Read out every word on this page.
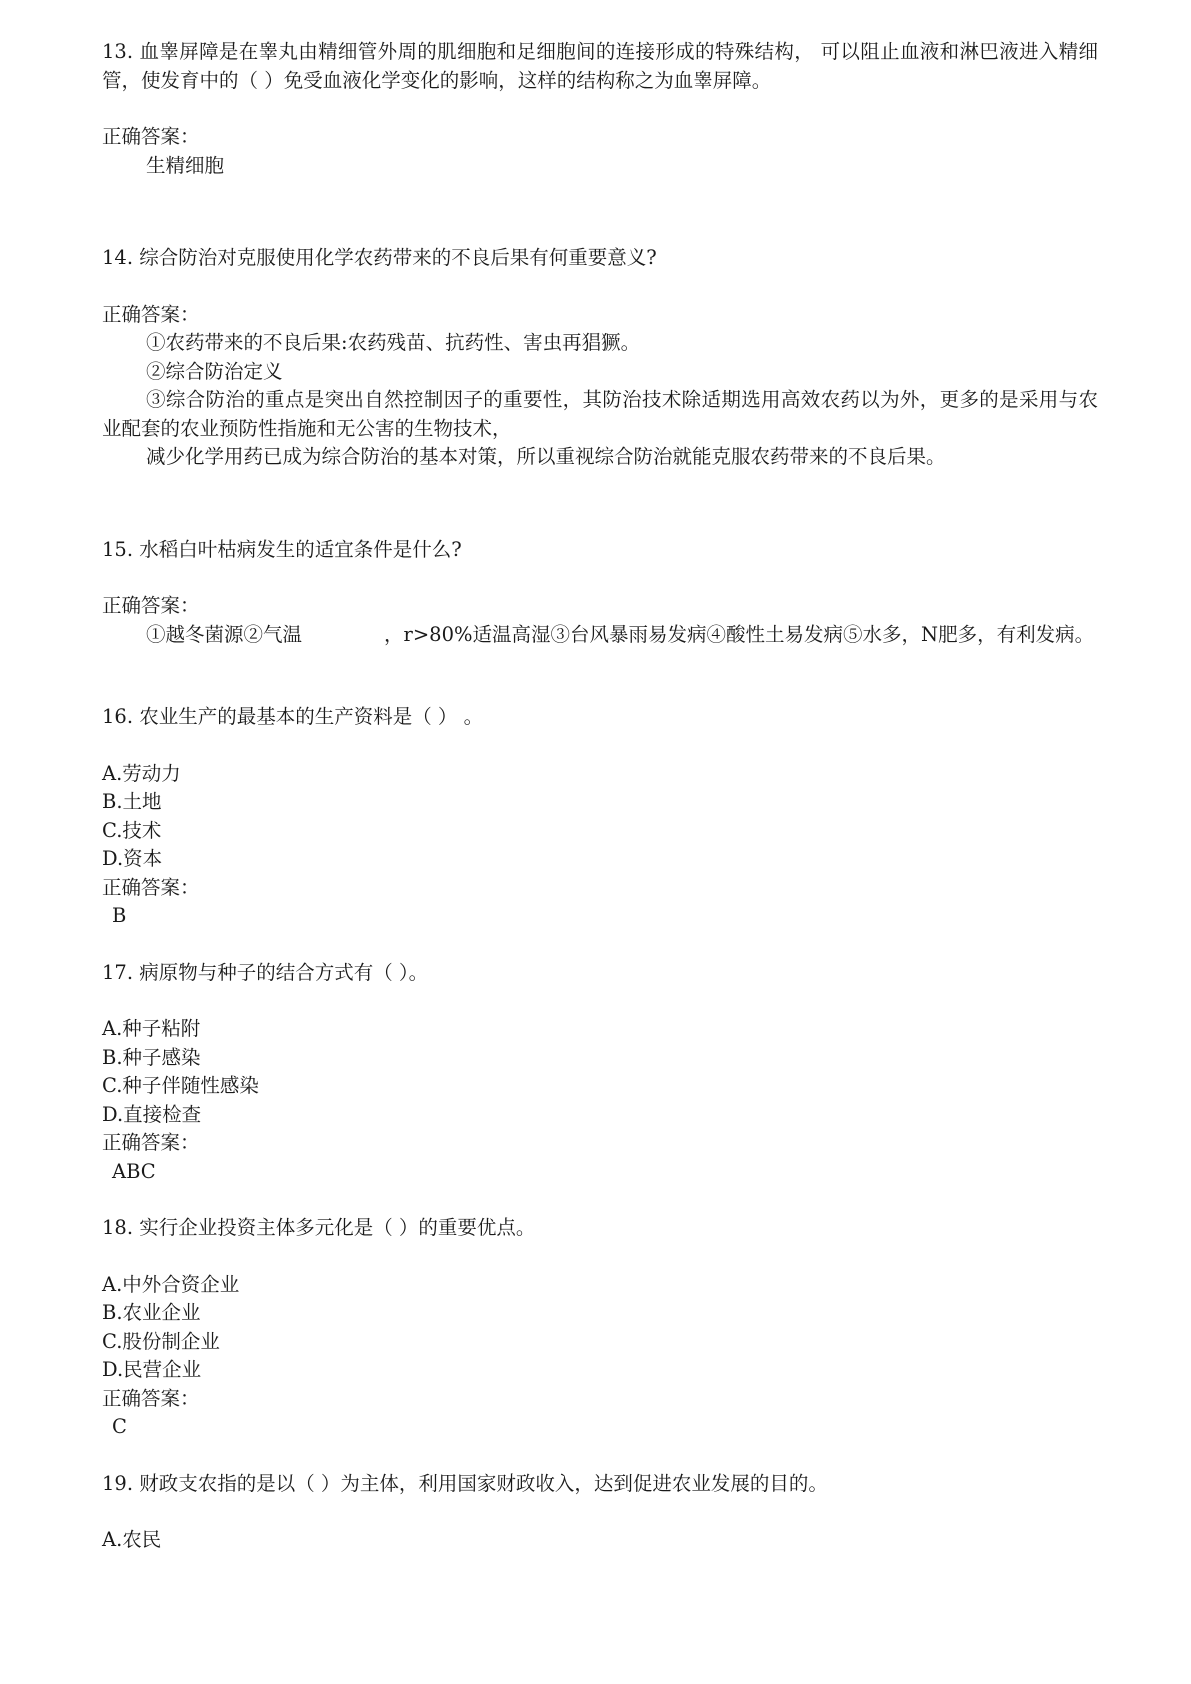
13. 血睾屏障是在睾丸由精细管外周的肌细胞和足细胞间的连接形成的特殊结构， 可以阻止血液和淋巴液进入精细管，使发育中的（ ）免受血液化学变化的影响，这样的结构称之为血睾屏障。

正确答案：

生精细胞

14. 综合防治对克服使用化学农药带来的不良后果有何重要意义?

正确答案：

①农药带来的不良后果:农药残苗、抗药性、害虫再猖獗。

②综合防治定义

③综合防治的重点是突出自然控制因子的重要性，其防治技术除适期选用高效农药以为外，更多的是采用与农业配套的农业预防性指施和无公害的生物技术，

减少化学用药已成为综合防治的基本对策，所以重视综合防治就能克服农药带来的不良后果。

15. 水稻白叶枯病发生的适宜条件是什么?

正确答案：

①越冬菌源②气温	，r>80%适温高湿③台风暴雨易发病④酸性土易发病⑤水多，N肥多，有利发病。

16. 农业生产的最基本的生产资料是（ ） 。

A.劳动力

B.土地

C.技术

D.资本

正确答案：

B

17. 病原物与种子的结合方式有（ ）。

A.种子粘附

B.种子感染

C.种子伴随性感染

D.直接检查

正确答案：

ABC

18. 实行企业投资主体多元化是（ ）的重要优点。

A.中外合资企业

B.农业企业

C.股份制企业

D.民营企业

正确答案：

C

19. 财政支农指的是以（ ）为主体，利用国家财政收入，达到促进农业发展的目的。

A.农民
